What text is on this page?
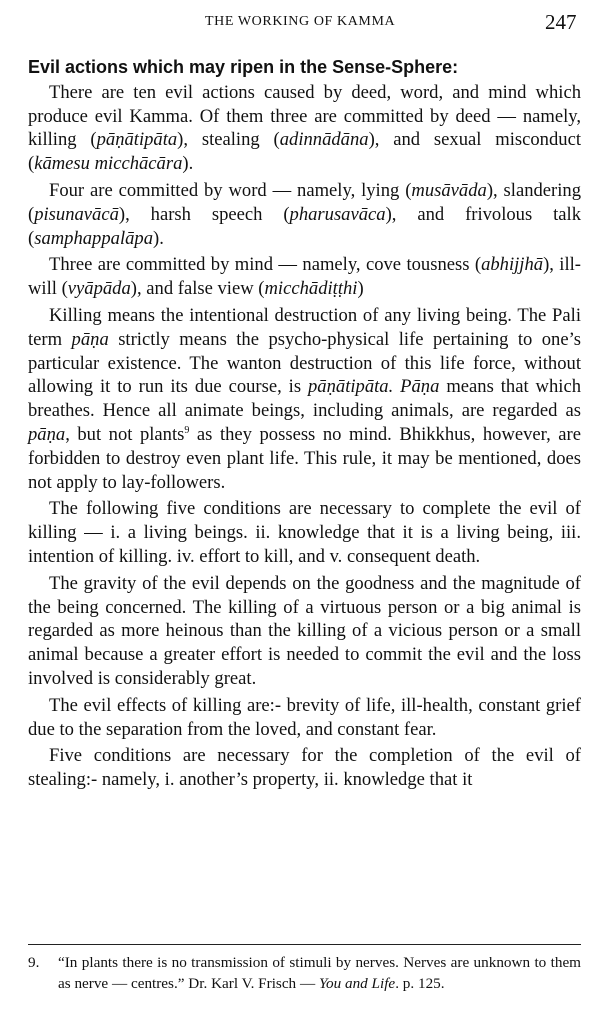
THE WORKING OF KAMMA	247
Evil actions which may ripen in the Sense-Sphere:

There are ten evil actions caused by deed, word, and mind which produce evil Kamma. Of them three are committed by deed — namely, killing (pāṇātipāta), stealing (adinnādāna), and sexual misconduct (kāmesu micchācāra).

Four are committed by word — namely, lying (musāvāda), slandering (pisunavācā), harsh speech (pharusavāca), and frivolous talk (samphappalāpa).

Three are committed by mind — namely, cove tousness (abhijjhā), ill-will (vyāpāda), and false view (micchādiṭṭhi)

Killing means the intentional destruction of any living being. The Pali term pāṇa strictly means the psycho-physical life pertaining to one’s particular existence. The wanton destruction of this life force, without allowing it to run its due course, is pāṇātipāta. Pāṇa means that which breathes. Hence all animate beings, including animals, are regarded as pāṇa, but not plants$^9$ as they possess no mind. Bhikkhus, however, are forbidden to destroy even plant life. This rule, it may be mentioned, does not apply to lay-followers.

The following five conditions are necessary to complete the evil of killing — i. a living beings. ii. knowledge that it is a living being, iii. intention of killing. iv. effort to kill, and v. consequent death.

The gravity of the evil depends on the goodness and the magnitude of the being concerned. The killing of a virtuous person or a big animal is regarded as more heinous than the killing of a vicious person or a small animal because a greater effort is needed to commit the evil and the loss involved is considerably great.

The evil effects of killing are:- brevity of life, ill-health, constant grief due to the separation from the loved, and constant fear.

Five conditions are necessary for the completion of the evil of stealing:- namely, i. another’s property, ii. knowledge that it

9. “In plants there is no transmission of stimuli by nerves. Nerves are unknown to them as nerve — centres.” Dr. Karl V. Frisch — You and Life. p. 125.
